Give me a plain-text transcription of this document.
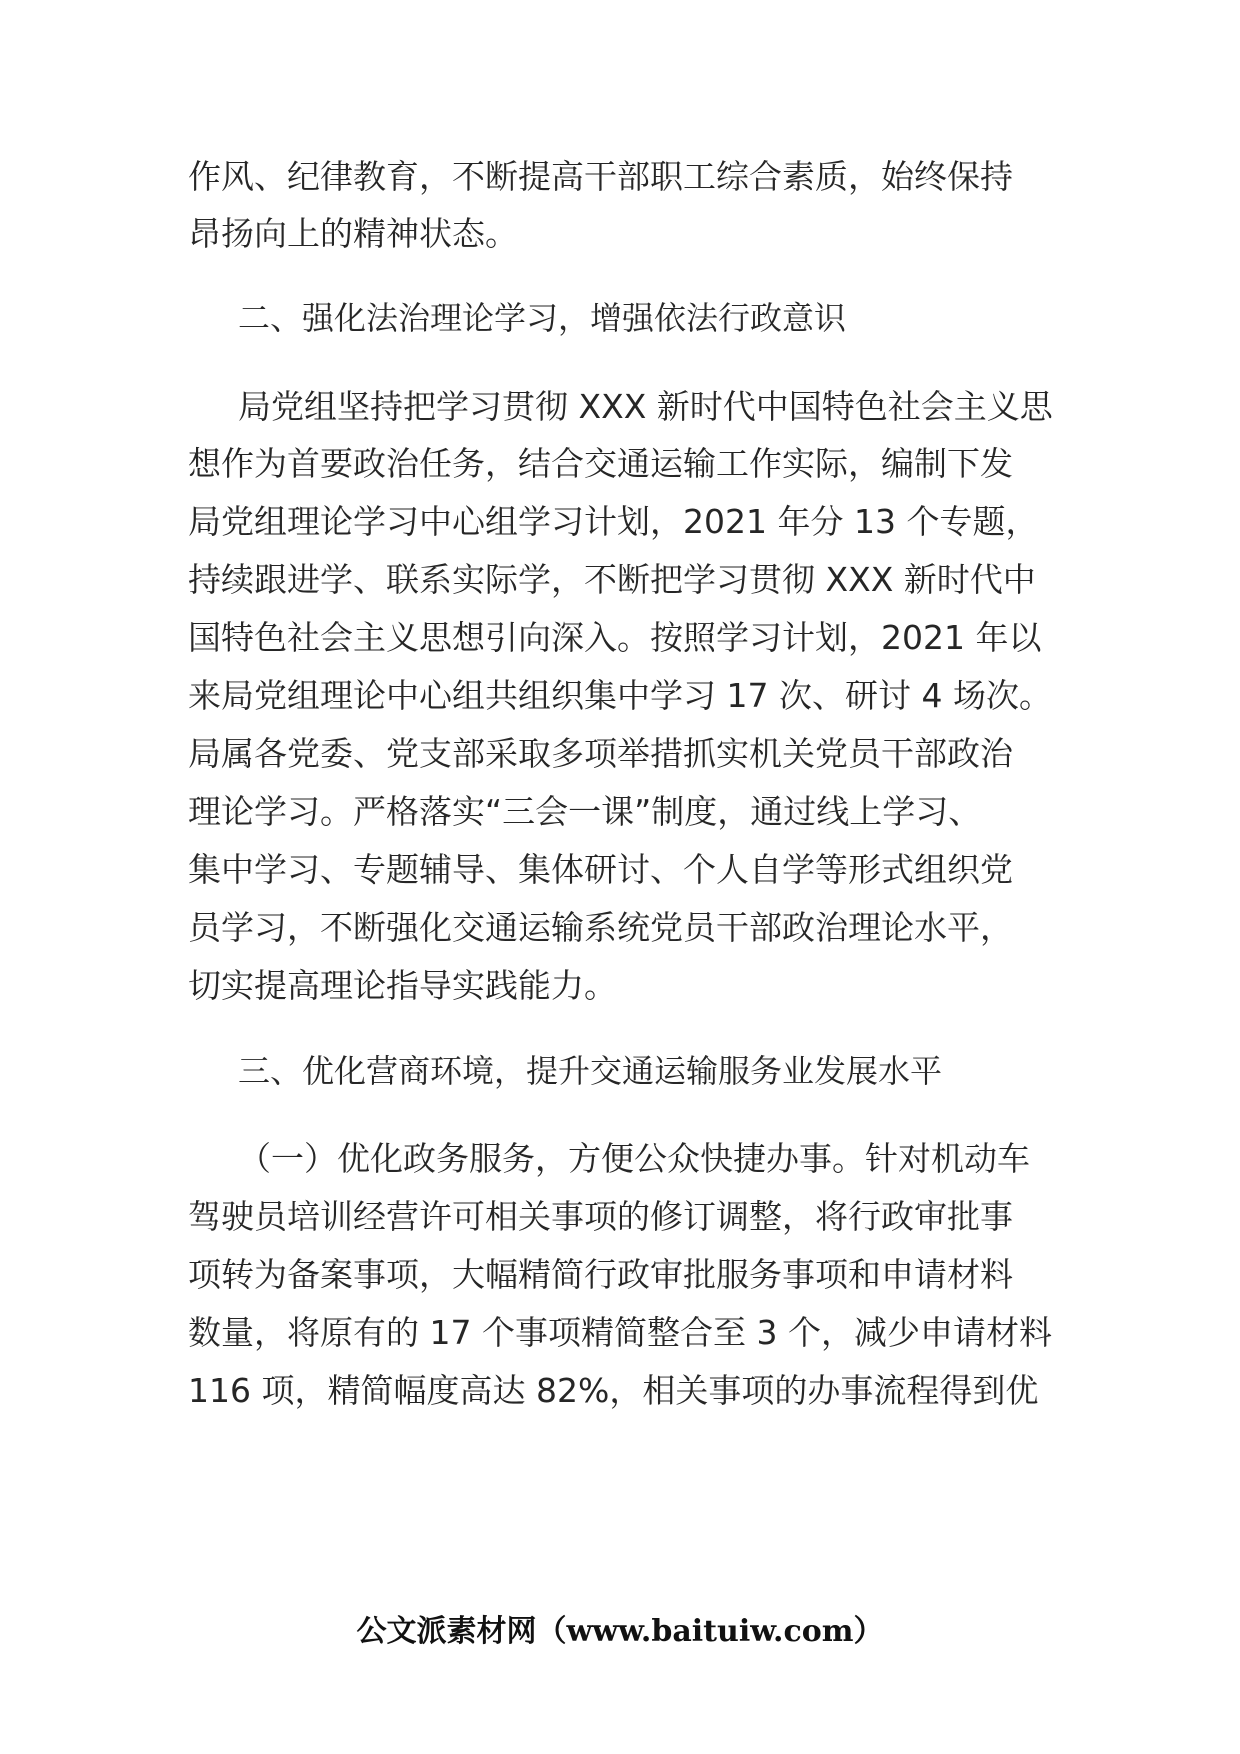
作风、纪律教育，不断提高干部职工综合素质，始终保持
昂扬向上的精神状态。
二、强化法治理论学习，增强依法行政意识
局党组坚持把学习贯彻 XXX 新时代中国特色社会主义思
想作为首要政治任务，结合交通运输工作实际，编制下发
局党组理论学习中心组学习计划，2021 年分 13 个专题，
持续跟进学、联系实际学，不断把学习贯彻 XXX 新时代中
国特色社会主义思想引向深入。按照学习计划，2021 年以
来局党组理论中心组共组织集中学习 17 次、研讨 4 场次。
局属各党委、党支部采取多项举措抓实机关党员干部政治
理论学习。严格落实“三会一课”制度，通过线上学习、
集中学习、专题辅导、集体研讨、个人自学等形式组织党
员学习，不断强化交通运输系统党员干部政治理论水平，
切实提高理论指导实践能力。
三、优化营商环境，提升交通运输服务业发展水平
（一）优化政务服务，方便公众快捷办事。针对机动车
驾驶员培训经营许可相关事项的修订调整，将行政审批事
项转为备案事项，大幅精简行政审批服务事项和申请材料
数量，将原有的 17 个事项精简整合至 3 个，减少申请材料
116 项，精简幅度高达 82%，相关事项的办事流程得到优
公文派素材网（www.baituiw.com）
